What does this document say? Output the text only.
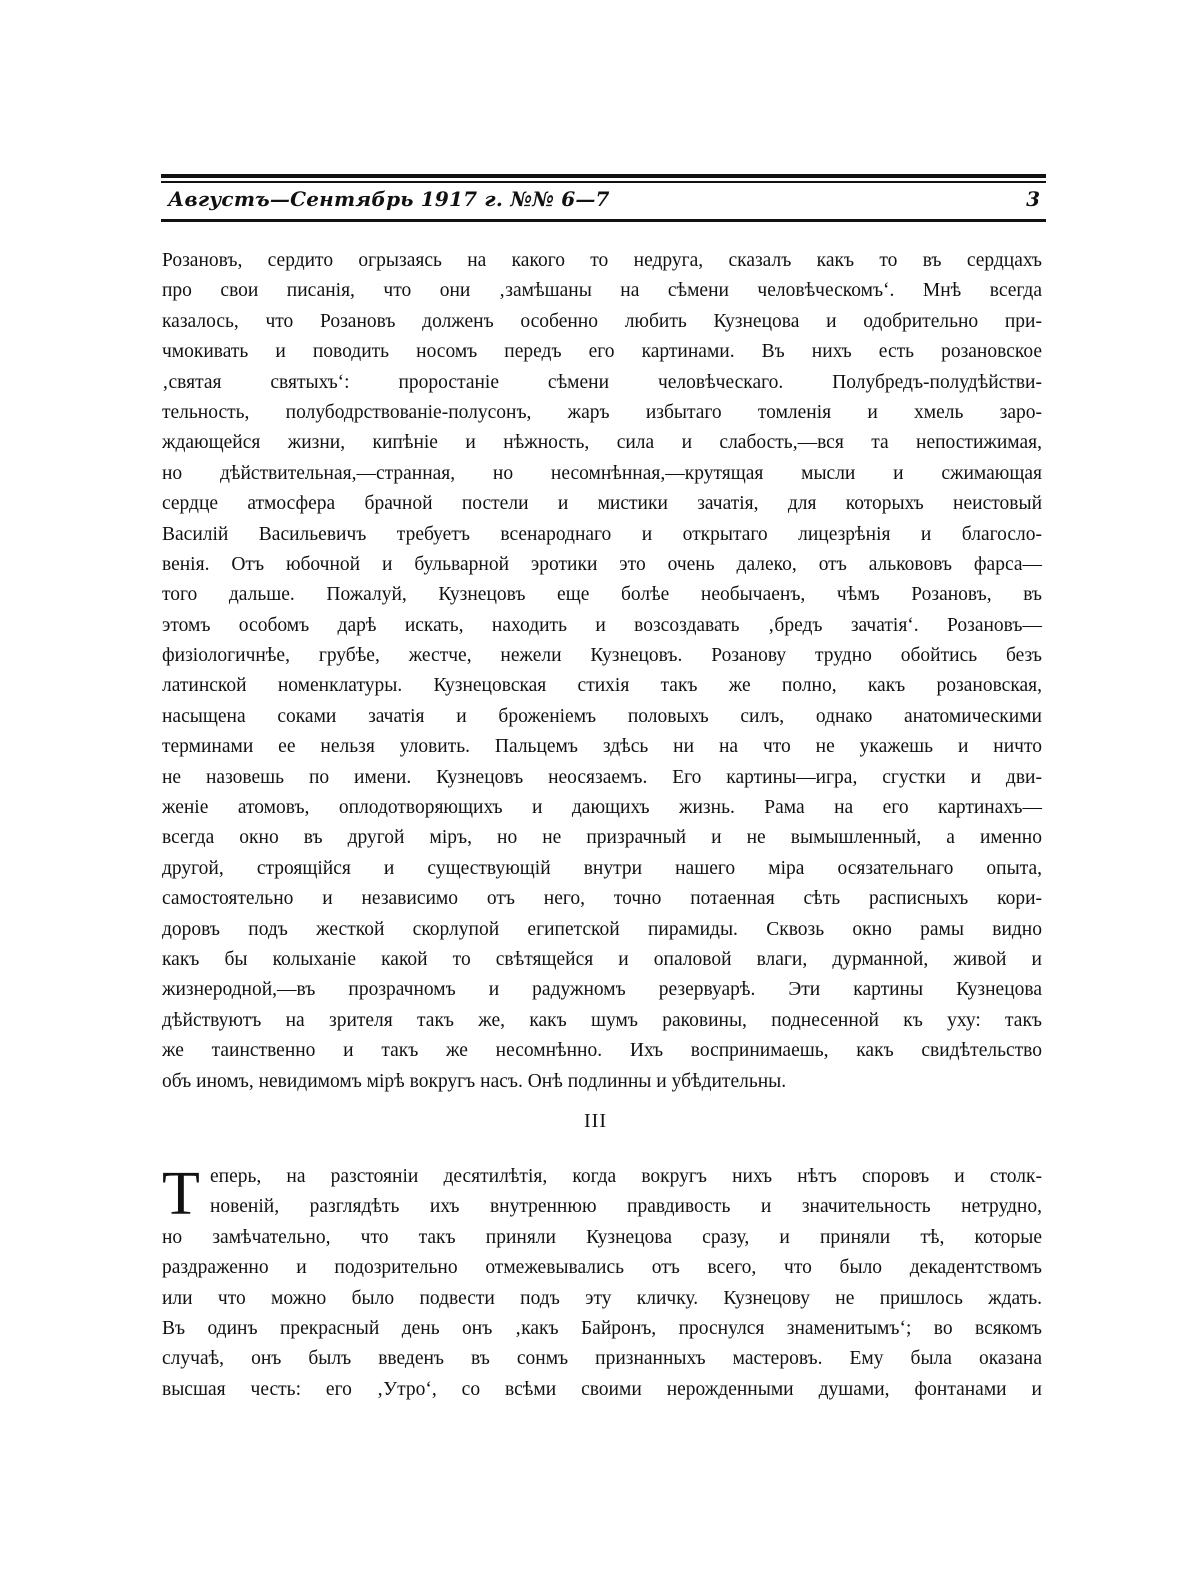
Августъ—Сентябрь 1917 г. №№ 6—7	3
Розановъ, сердито огрызаясь на какого то недруга, сказалъ какъ то въ сердцахъ
про свои писанія, что они ‚замѣшаны на сѣмени человѣческомъ‘. Мнѣ всегда
казалось, что Розановъ долженъ особенно любить Кузнецова и одобрительно при-
чмокивать и поводить носомъ передъ его картинами. Въ нихъ есть розановское
‚святая святыхъ‘: проростаніе сѣмени человѣческаго. Полубредъ-полудѣйстви-
тельность, полубодрствованіе-полусонъ, жаръ избытаго томленія и хмель заро-
ждающейся жизни, кипѣніе и нѣжность, сила и слабость,—вся та непостижимая,
но дѣйствительная,—странная, но несомнѣнная,—крутящая мысли и сжимающая
сердце атмосфера брачной постели и мистики зачатія, для которыхъ неистовый
Василій Васильевичъ требуетъ всенароднаго и открытаго лицезрѣнія и благосло-
венія. Отъ юбочной и бульварной эротики это очень далеко, отъ алькововъ фарса—
того дальше. Пожалуй, Кузнецовъ еще болѣе необычаенъ, чѣмъ Розановъ, въ
этомъ особомъ дарѣ искать, находить и возсоздавать ‚бредъ зачатія‘. Розановъ—
физіологичнѣе, грубѣе, жестче, нежели Кузнецовъ. Розанову трудно обойтись безъ
латинской номенклатуры. Кузнецовская стихія такъ же полно, какъ розановская,
насыщена соками зачатія и броженіемъ половыхъ силъ, однако анатомическими
терминами ее нельзя уловить. Пальцемъ здѣсь ни на что не укажешь и ничто
не назовешь по имени. Кузнецовъ неосязаемъ. Его картины—игра, сгустки и дви-
женіе атомовъ, оплодотворяющихъ и дающихъ жизнь. Рама на его картинахъ—
всегда окно въ другой міръ, но не призрачный и не вымышленный, а именно
другой, строящійся и существующій внутри нашего міра осязательнаго опыта,
самостоятельно и независимо отъ него, точно потаенная сѣть расписныхъ кори-
доровъ подъ жесткой скорлупой египетской пирамиды. Сквозь окно рамы видно
какъ бы колыханіе какой то свѣтящейся и опаловой влаги, дурманной, живой и
жизнеродной,—въ прозрачномъ и радужномъ резервуарѣ. Эти картины Кузнецова
дѣйствуютъ на зрителя такъ же, какъ шумъ раковины, поднесенной къ уху: такъ
же таинственно и такъ же несомнѣнно. Ихъ воспринимаешь, какъ свидѣтельство
объ иномъ, невидимомъ мірѣ вокругъ насъ. Онѣ подлинны и убѣдительны.
III
Т еперь, на разстояніи десятилѣтія, когда вокругъ нихъ нѣтъ споровъ и столк-
новеній, разглядѣть ихъ внутреннюю правдивость и значительность нетрудно,
но замѣчательно, что такъ приняли Кузнецова сразу, и приняли тѣ, которые
раздраженно и подозрительно отмежевывались отъ всего, что было декадентствомъ
или что можно было подвести подъ эту кличку. Кузнецову не пришлось ждать.
Въ одинъ прекрасный день онъ ‚какъ Байронъ, проснулся знаменитымъ‘; во всякомъ
случаѣ, онъ былъ введенъ въ сонмъ признанныхъ мастеровъ. Ему была оказана
высшая честь: его ‚Утро‘, со всѣми своими нерожденными душами, фонтанами и
